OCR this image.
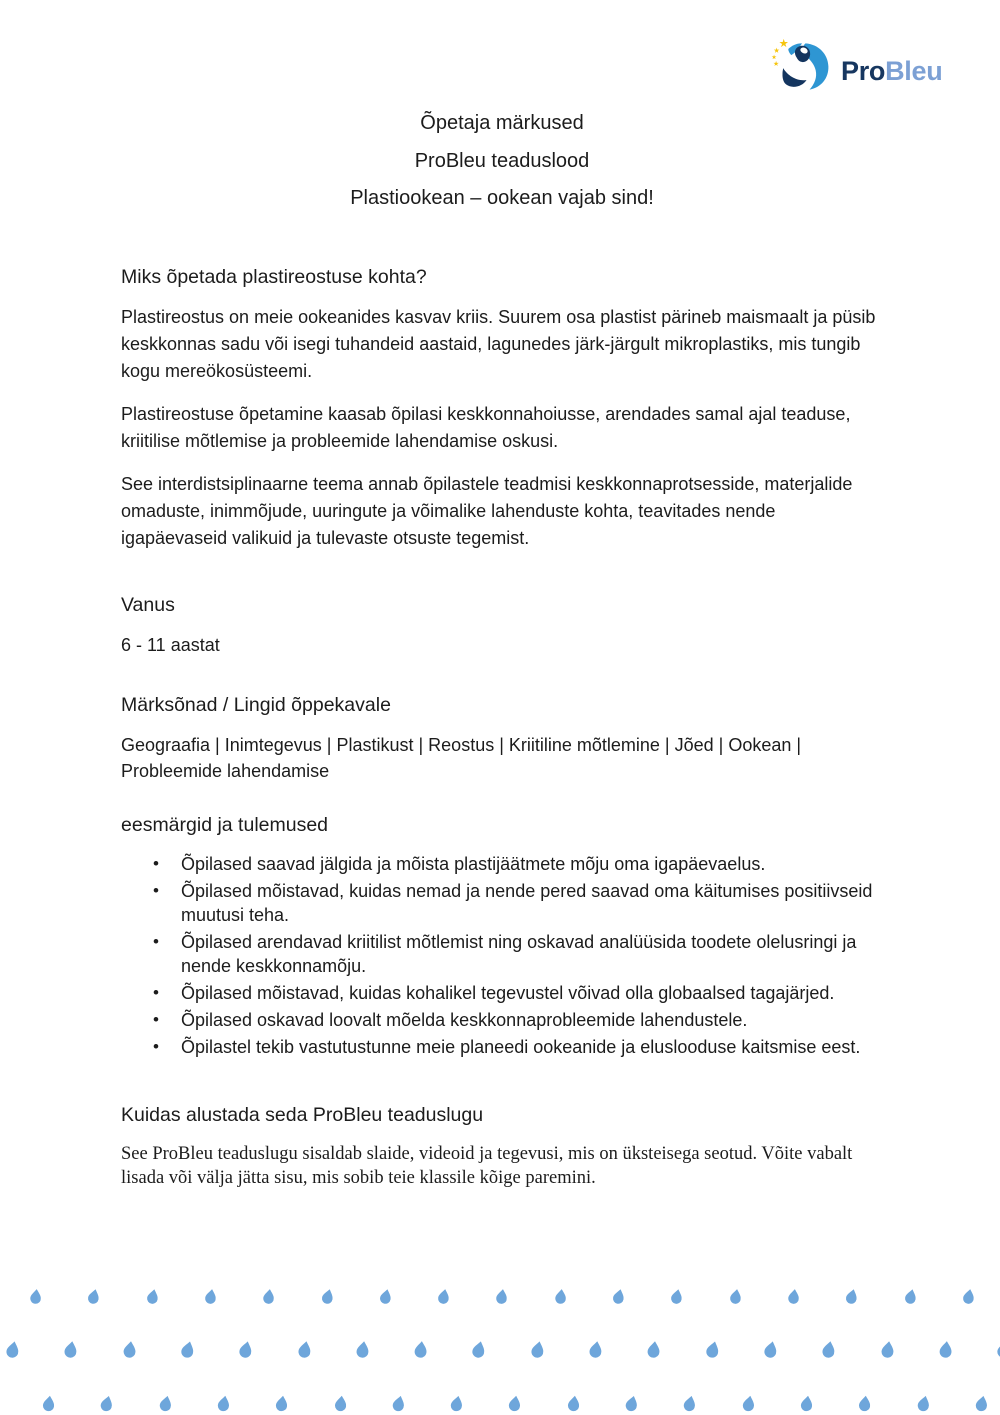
Pro Bleu
Õpetaja märkused
ProBleu teaduslood
Plastiookean – ookean vajab sind!
Miks õpetada plastireostuse kohta?

Plastireostus on meie ookeanides kasvav kriis. Suurem osa plastist pärineb maismaalt ja püsib keskkonnas sadu või isegi tuhandeid aastaid, lagunedes järk-järgult mikroplastiks, mis tungib kogu mereökosüsteemi.

Plastireostuse õpetamine kaasab õpilasi keskkonnahoiusse, arendades samal ajal teaduse, kriitilise mõtlemise ja probleemide lahendamise oskusi.

See interdistsiplinaarne teema annab õpilastele teadmisi keskkonnaprotsesside, materjalide omaduste, inimmõjude, uuringute ja võimalike lahenduste kohta, teavitades nende igapäevaseid valikuid ja tulevaste otsuste tegemist.

Vanus

6 - 11 aastat

Märksõnad / Lingid õppekavale

Geograafia | Inimtegevus | Plastikust | Reostus | Kriitiline mõtlemine | Jõed | Ookean | Probleemide lahendamise

eesmärgid ja tulemused
• Õpilased saavad jälgida ja mõista plastijäätmete mõju oma igapäevaelus.
• Õpilased mõistavad, kuidas nemad ja nende pered saavad oma käitumises positiivseid muutusi teha.
• Õpilased arendavad kriitilist mõtlemist ning oskavad analüüsida toodete olelusringi ja nende keskkonnamõju.
• Õpilased mõistavad, kuidas kohalikel tegevustel võivad olla globaalsed tagajärjed.
• Õpilased oskavad loovalt mõelda keskkonnaprobleemide lahendustele.
• Õpilastel tekib vastutustunne meie planeedi ookeanide ja eluslooduse kaitsmise eest.
Kuidas alustada seda ProBleu teaduslugu

See ProBleu teaduslugu sisaldab slaide, videoid ja tegevusi, mis on üksteisega seotud. Võite vabalt lisada või välja jätta sisu, mis sobib teie klassile kõige paremini.
